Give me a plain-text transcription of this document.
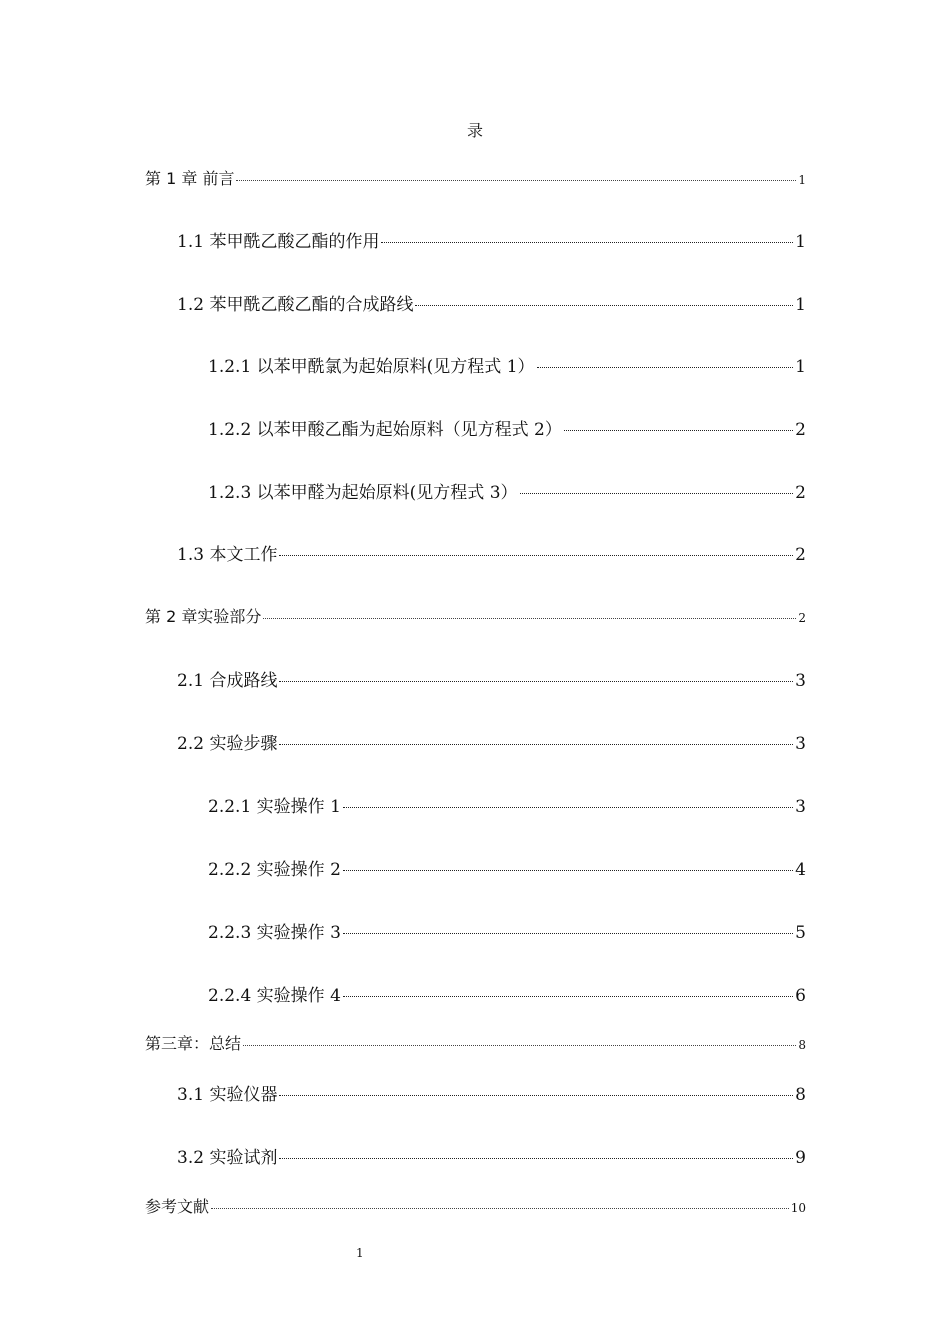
录
第 1 章 前言	1
1.1 苯甲酰乙酸乙酯的作用	1
1.2 苯甲酰乙酸乙酯的合成路线	1
1.2.1 以苯甲酰氯为起始原料(见方程式 1）	1
1.2.2 以苯甲酸乙酯为起始原料（见方程式 2）	2
1.2.3 以苯甲醛为起始原料(见方程式 3）	2
1.3 本文工作	2
第 2 章实验部分	2
2.1 合成路线	3
2.2 实验步骤	3
2.2.1 实验操作 1	3
2.2.2 实验操作 2	4
2.2.3 实验操作 3	5
2.2.4 实验操作 4	6
第三章：总结	8
3.1 实验仪器	8
3.2 实验试剂	9
参考文献	10
1
